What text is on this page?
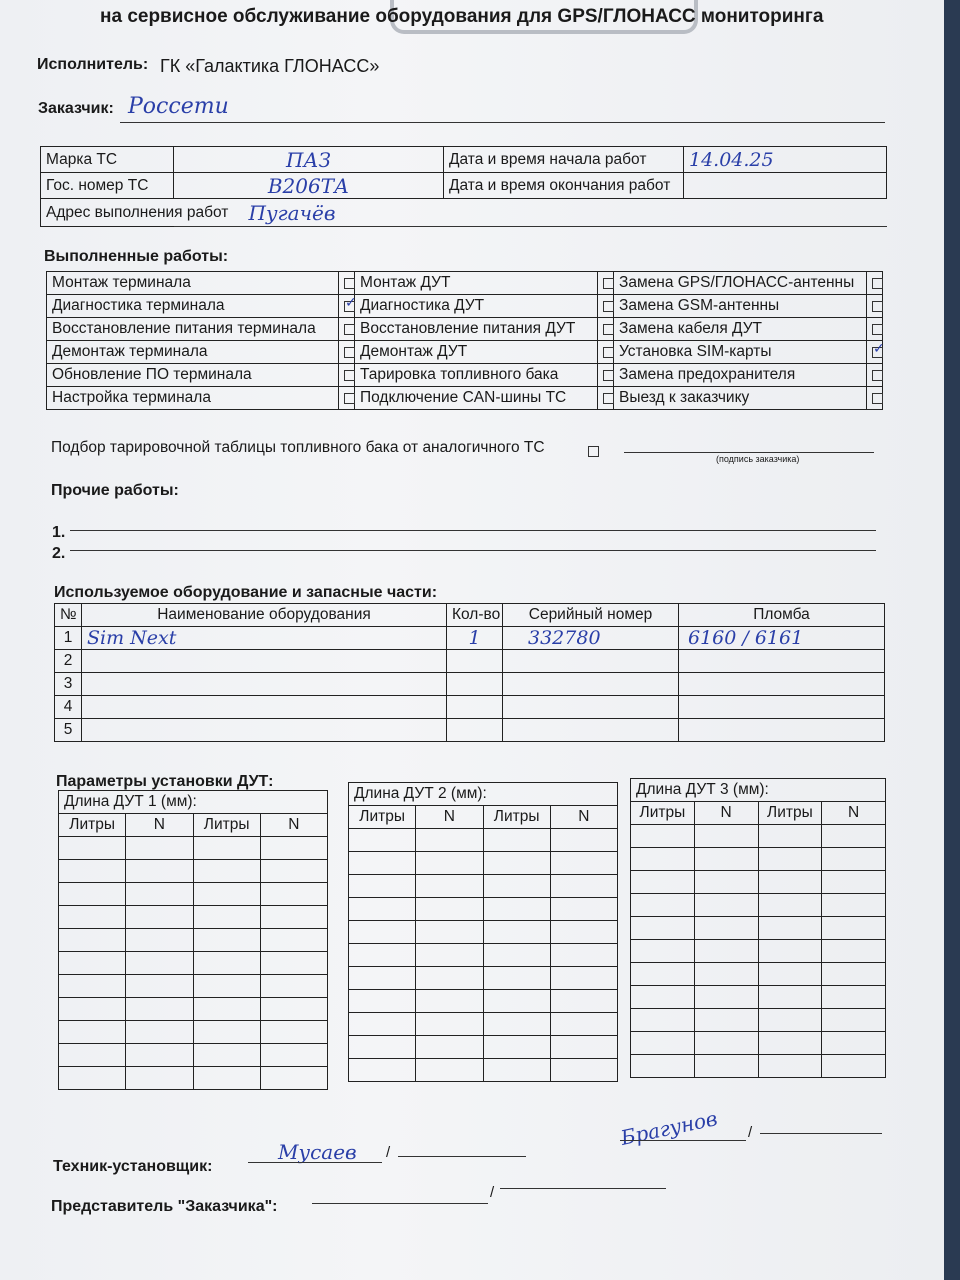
на сервисное обслуживание оборудования для GPS/ГЛОНАСС мониторинга
Исполнитель: ГК «Галактика ГЛОНАСС»
Заказчик: Россети
Марка ТС	ПАЗ	Дата и время начала работ	14.04.25
Гос. номер ТС	В206ТА	Дата и время окончания работ	
Адрес выполнения работ	Пугачёв		
Выполненные работы:
Монтаж терминала		Монтаж ДУТ		Замена GPS/ГЛОНАСС-антенны	
Диагностика терминала	✓	Диагностика ДУТ		Замена GSM-антенны	
Восстановление питания терминала		Восстановление питания ДУТ		Замена кабеля ДУТ	
Демонтаж терминала		Демонтаж ДУТ		Установка SIM-карты	✓
Обновление ПО терминала		Тарировка топливного бака		Замена предохранителя	
Настройка терминала		Подключение CAN-шины ТС		Выезд к заказчику	
Подбор тарировочной таблицы топливного бака от аналогичного ТС
(подпись заказчика)
Прочие работы:
1.
2.
Используемое оборудование и запасные части:
№	Наименование оборудования	Кол-во	Серийный номер	Пломба
1	Sim Next	1	332780	6160 / 6161
2				
3				
4				
5				
Параметры установки ДУТ:
Длина ДУТ 1 (мм):			
Литры	N	Литры	N

Длина ДУТ 2 (мм):			
Литры	N	Литры	N

Длина ДУТ 3 (мм):			
Литры	N	Литры	N

Брагунов /
Техник-установщик:
Мусаев /
Представитель "Заказчика":
/
